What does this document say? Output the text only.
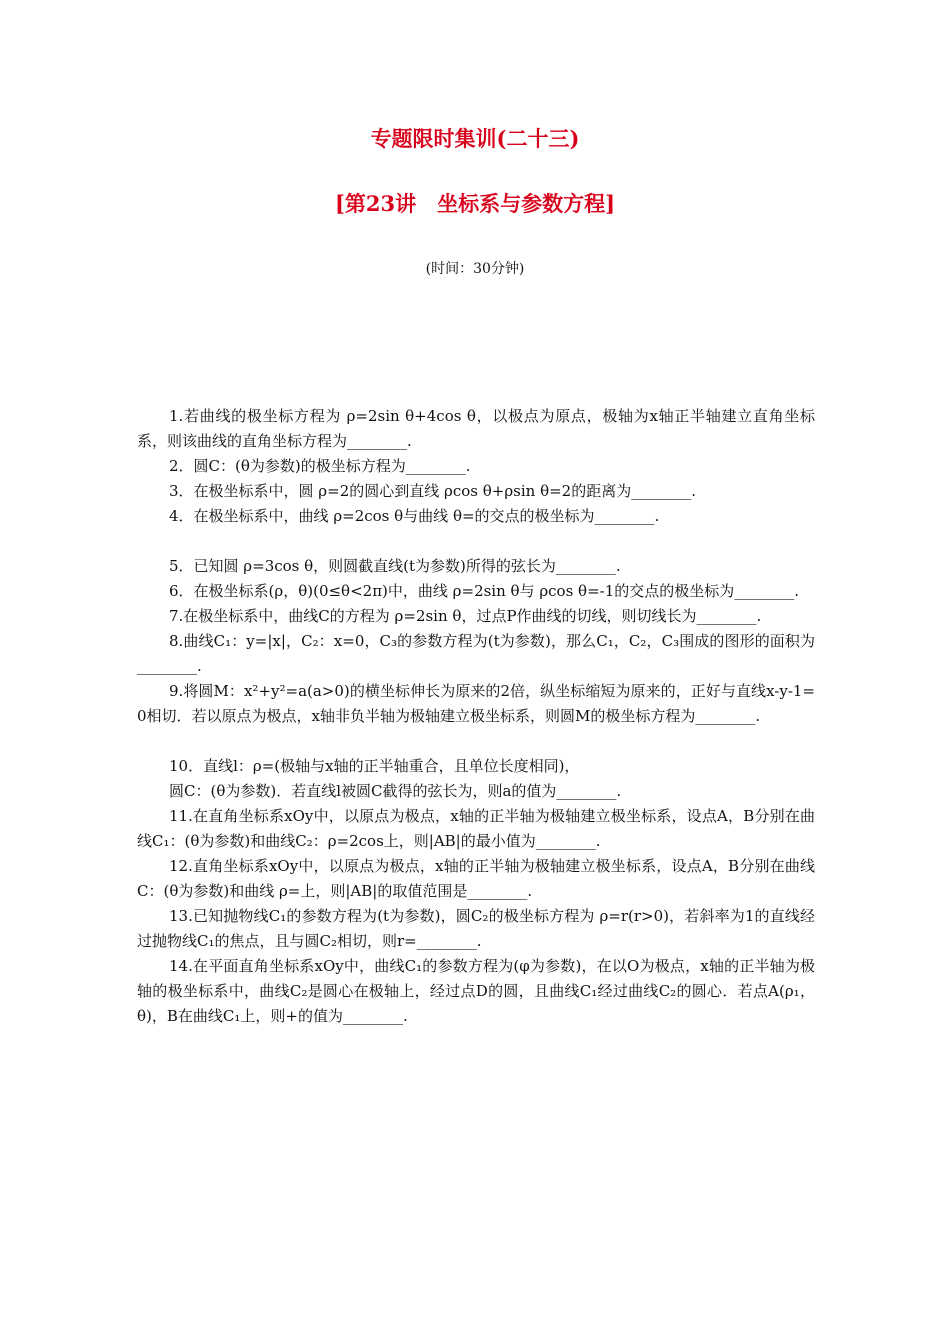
专题限时集训(二十三)
[第23讲　坐标系与参数方程]
(时间：30分钟)

1.若曲线的极坐标方程为 ρ=2sin θ+4cos θ，以极点为原点，极轴为x轴正半轴建立直角坐标系，则该曲线的直角坐标方程为________.

2．圆C：(θ为参数)的极坐标方程为________.

3．在极坐标系中，圆 ρ=2的圆心到直线 ρcos θ+ρsin θ=2的距离为________.

4．在极坐标系中，曲线 ρ=2cos θ与曲线 θ=的交点的极坐标为________.

5．已知圆 ρ=3cos θ，则圆截直线(t为参数)所得的弦长为________.

6．在极坐标系(ρ，θ)(0≤θ<2π)中，曲线 ρ=2sin θ与 ρcos θ=-1的交点的极坐标为________.

7.在极坐标系中，曲线C的方程为 ρ=2sin θ，过点P作曲线的切线，则切线长为________.

8.曲线C₁：y=|x|，C₂：x=0，C₃的参数方程为(t为参数)，那么C₁，C₂，C₃围成的图形的面积为________.

9.将圆M：x²+y²=a(a>0)的横坐标伸长为原来的2倍，纵坐标缩短为原来的，正好与直线x-y-1=0相切．若以原点为极点，x轴非负半轴为极轴建立极坐标系，则圆M的极坐标方程为________.

10．直线l：ρ=(极轴与x轴的正半轴重合，且单位长度相同)，

圆C：(θ为参数)．若直线l被圆C截得的弦长为，则a的值为________.

11.在直角坐标系xOy中，以原点为极点，x轴的正半轴为极轴建立极坐标系，设点A，B分别在曲线C₁：(θ为参数)和曲线C₂：ρ=2cos上，则|AB|的最小值为________.

12.直角坐标系xOy中，以原点为极点，x轴的正半轴为极轴建立极坐标系，设点A，B分别在曲线C：(θ为参数)和曲线 ρ=上，则|AB|的取值范围是________.

13.已知抛物线C₁的参数方程为(t为参数)，圆C₂的极坐标方程为 ρ=r(r>0)，若斜率为1的直线经过抛物线C₁的焦点，且与圆C₂相切，则r=________.

14.在平面直角坐标系xOy中，曲线C₁的参数方程为(φ为参数)，在以O为极点，x轴的正半轴为极轴的极坐标系中，曲线C₂是圆心在极轴上，经过点D的圆，且曲线C₁经过曲线C₂的圆心．若点A(ρ₁，θ)，B在曲线C₁上，则+的值为________.
